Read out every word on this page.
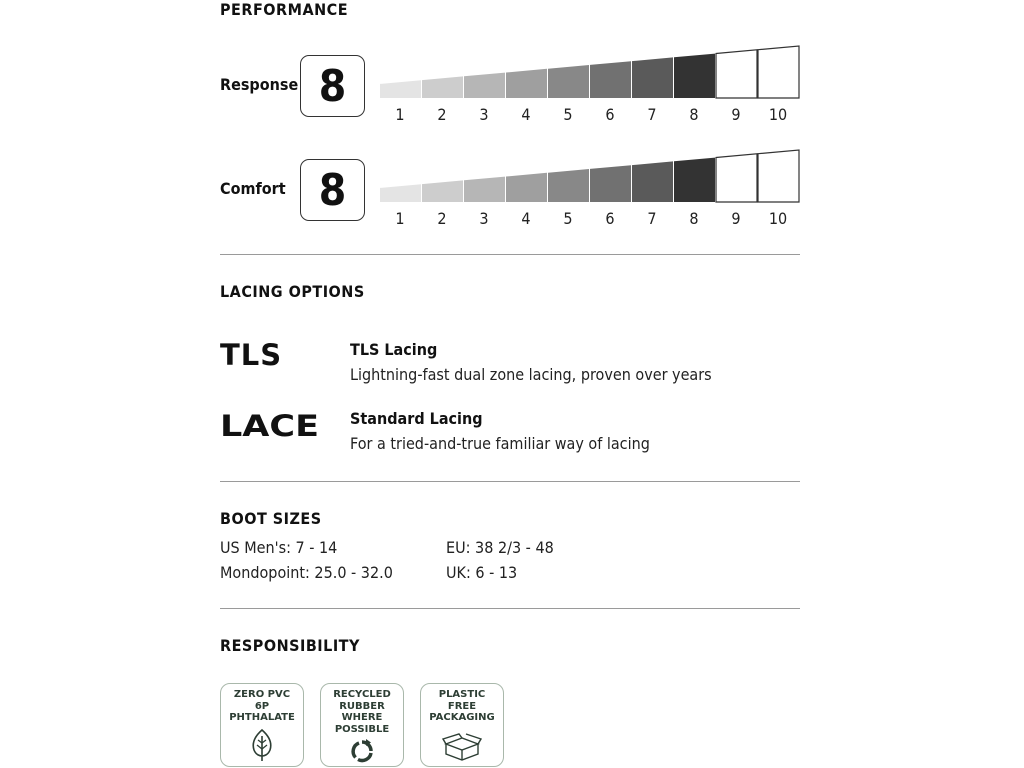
PERFORMANCE
Response 8
1	2	3	4	5	6	7	8	9	10
Comfort 8
1	2	3	4	5	6	7	8	9	10
LACING OPTIONS
TLS	TLS Lacing
Lightning-fast dual zone lacing, proven over years
LACE Standard Lacing
For a tried-and-true familiar way of lacing
BOOT SIZES
US Men's: 7 - 14	EU: 38 2/3 - 48
Mondopoint: 25.0 - 32.0	UK: 6 - 13
RESPONSIBILITY
ZERO PVC
6P
PHTHALATE
RECYCLED
RUBBER
WHERE
POSSIBLE
PLASTIC
FREE
PACKAGING
